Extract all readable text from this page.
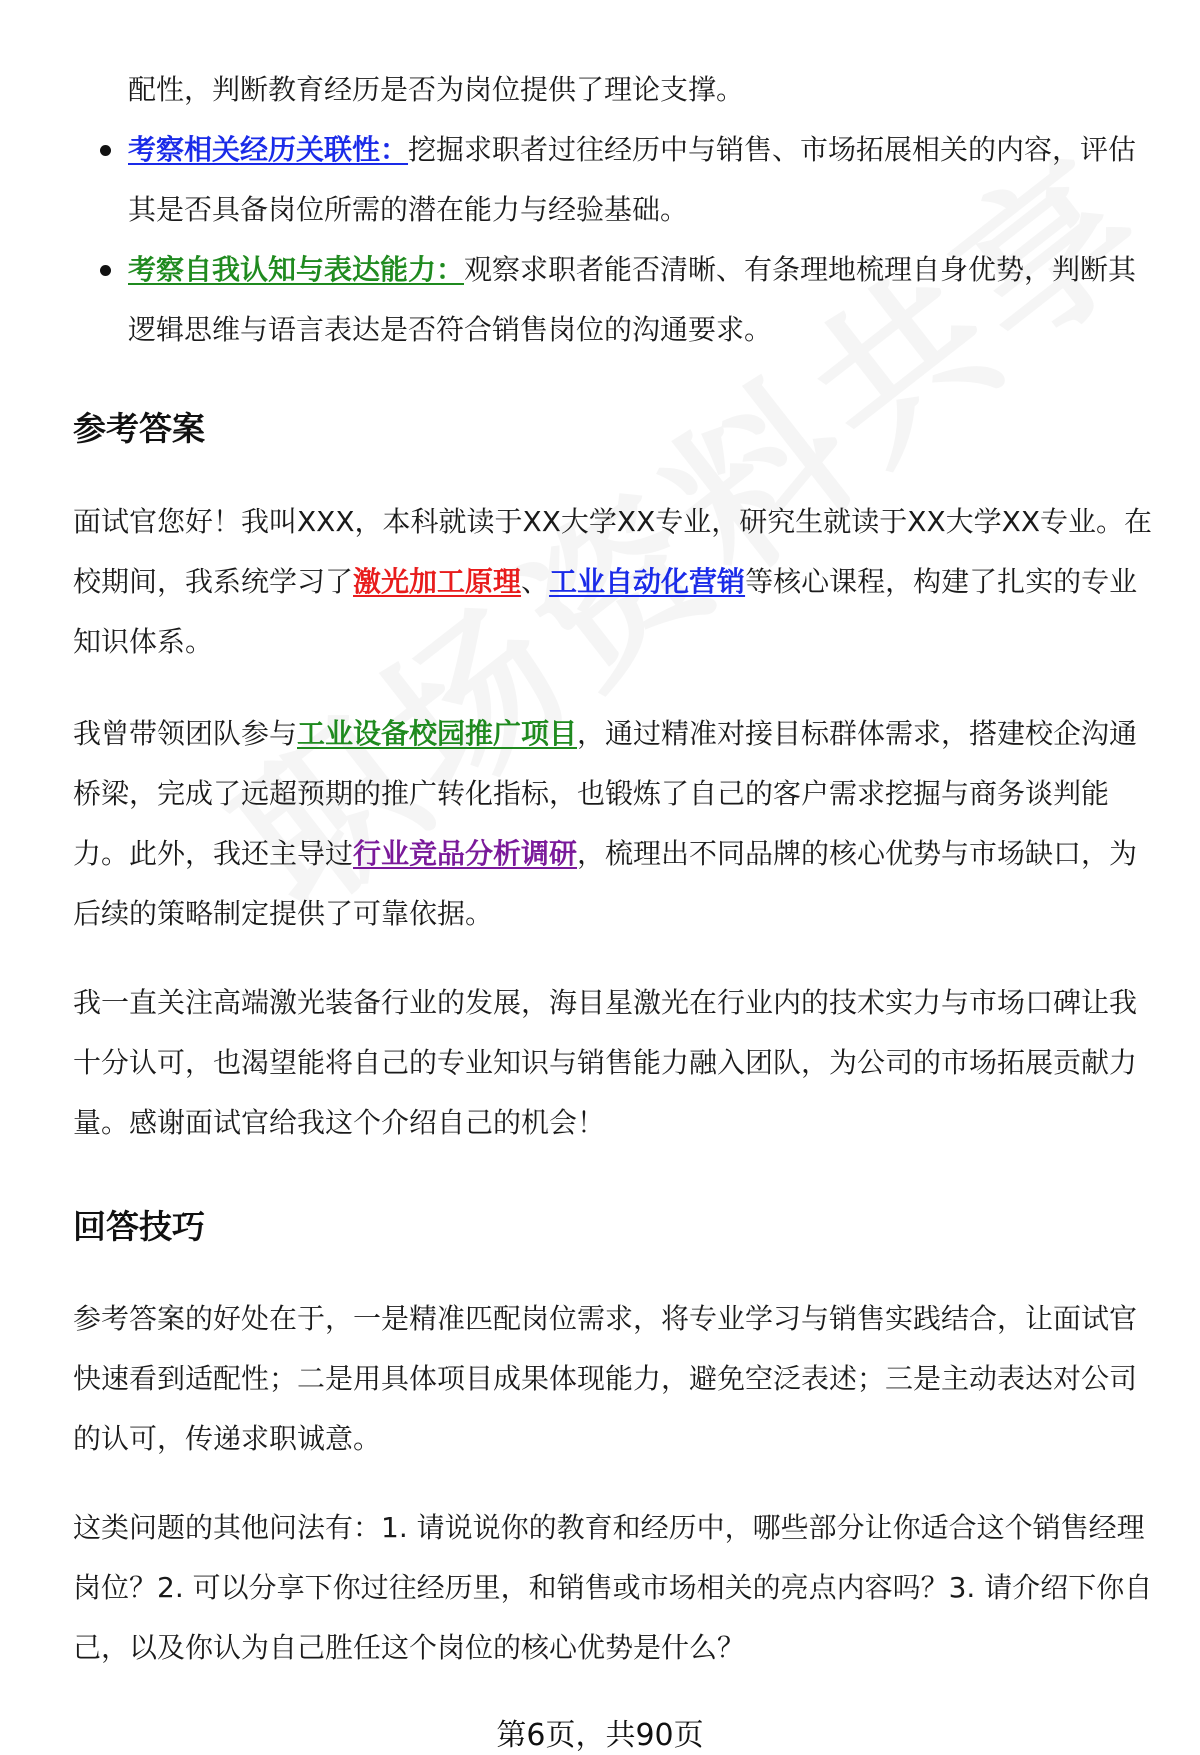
配性，判断教育经历是否为岗位提供了理论支撑。
考察相关经历关联性：挖掘求职者过往经历中与销售、市场拓展相关的内容，评估其是否具备岗位所需的潜在能力与经验基础。
考察自我认知与表达能力：观察求职者能否清晰、有条理地梳理自身优势，判断其逻辑思维与语言表达是否符合销售岗位的沟通要求。
参考答案

面试官您好！我叫XXX，本科就读于XX大学XX专业，研究生就读于XX大学XX专业。在校期间，我系统学习了激光加工原理、工业自动化营销等核心课程，构建了扎实的专业知识体系。

我曾带领团队参与工业设备校园推广项目，通过精准对接目标群体需求，搭建校企沟通桥梁，完成了远超预期的推广转化指标，也锻炼了自己的客户需求挖掘与商务谈判能力。此外，我还主导过行业竞品分析调研，梳理出不同品牌的核心优势与市场缺口，为后续的策略制定提供了可靠依据。

我一直关注高端激光装备行业的发展，海目星激光在行业内的技术实力与市场口碑让我十分认可，也渴望能将自己的专业知识与销售能力融入团队，为公司的市场拓展贡献力量。感谢面试官给我这个介绍自己的机会！

回答技巧

参考答案的好处在于，一是精准匹配岗位需求，将专业学习与销售实践结合，让面试官快速看到适配性；二是用具体项目成果体现能力，避免空泛表述；三是主动表达对公司的认可，传递求职诚意。

这类问题的其他问法有：1. 请说说你的教育和经历中，哪些部分让你适合这个销售经理岗位？2. 可以分享下你过往经历里，和销售或市场相关的亮点内容吗？3. 请介绍下你自己，以及你认为自己胜任这个岗位的核心优势是什么？

第6页，共90页
